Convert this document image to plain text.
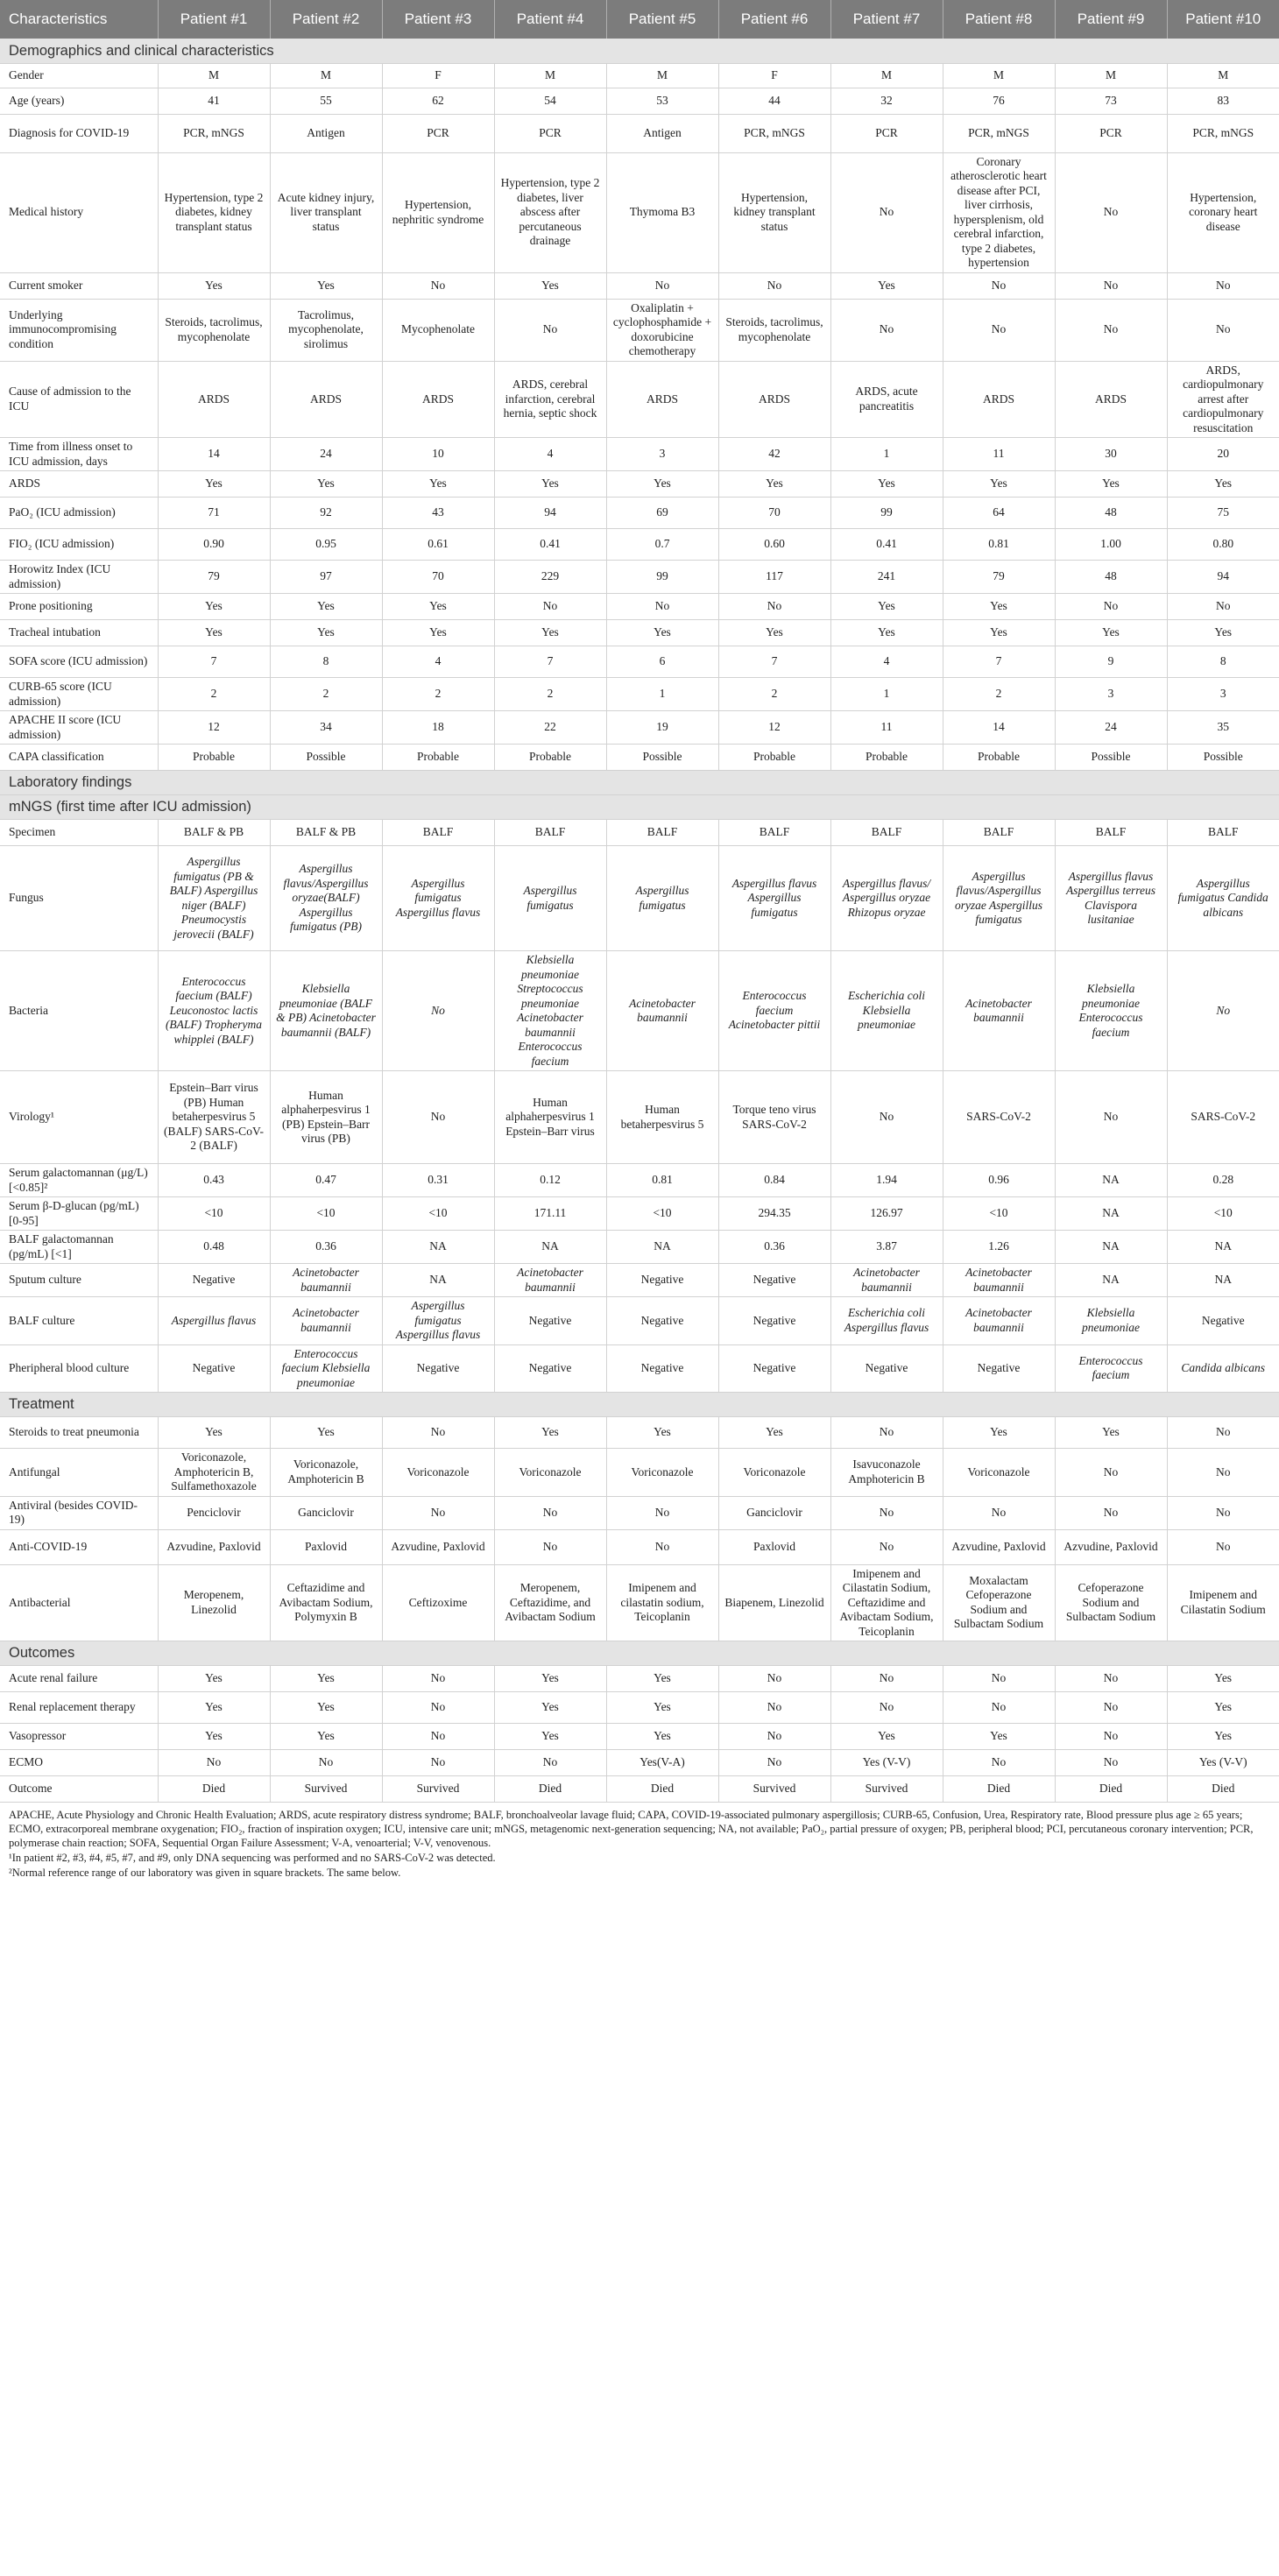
Characteristics	Patient #1	Patient #2	Patient #3	Patient #4	Patient #5	Patient #6	Patient #7	Patient #8	Patient #9	Patient #10
Demographics and clinical characteristics										
Gender	M	M	F	M	M	F	M	M	M	M
Age (years)	41	55	62	54	53	44	32	76	73	83
Diagnosis for COVID-19	PCR, mNGS	Antigen	PCR	PCR	Antigen	PCR, mNGS	PCR	PCR, mNGS	PCR	PCR, mNGS
Medical history	Hypertension, type 2 diabetes, kidney transplant status	Acute kidney injury, liver transplant status	Hypertension, nephritic syndrome	Hypertension, type 2 diabetes, liver abscess after percutaneous drainage	Thymoma B3	Hypertension, kidney transplant status	No	Coronary atherosclerotic heart disease after PCI, liver cirrhosis, hypersplenism, old cerebral infarction, type 2 diabetes, hypertension	No	Hypertension, coronary heart disease
Current smoker	Yes	Yes	No	Yes	No	No	Yes	No	No	No
Underlying immunocompromising condition	Steroids, tacrolimus, mycophenolate	Tacrolimus, mycophenolate, sirolimus	Mycophenolate	No	Oxaliplatin + cyclophosphamide + doxorubicine chemotherapy	Steroids, tacrolimus, mycophenolate	No	No	No	No
Cause of admission to the ICU	ARDS	ARDS	ARDS	ARDS, cerebral infarction, cerebral hernia, septic shock	ARDS	ARDS	ARDS, acute pancreatitis	ARDS	ARDS	ARDS, cardiopulmonary arrest after cardiopulmonary resuscitation
Time from illness onset to ICU admission, days	14	24	10	4	3	42	1	11	30	20
ARDS	Yes	Yes	Yes	Yes	Yes	Yes	Yes	Yes	Yes	Yes
PaO₂ (ICU admission)	71	92	43	94	69	70	99	64	48	75
FIO₂ (ICU admission)	0.90	0.95	0.61	0.41	0.7	0.60	0.41	0.81	1.00	0.80
Horowitz Index (ICU admission)	79	97	70	229	99	117	241	79	48	94
Prone positioning	Yes	Yes	Yes	No	No	No	Yes	Yes	No	No
Tracheal intubation	Yes	Yes	Yes	Yes	Yes	Yes	Yes	Yes	Yes	Yes
SOFA score (ICU admission)	7	8	4	7	6	7	4	7	9	8
CURB-65 score (ICU admission)	2	2	2	2	1	2	1	2	3	3
APACHE II score (ICU admission)	12	34	18	22	19	12	11	14	24	35
CAPA classification	Probable	Possible	Probable	Probable	Possible	Probable	Probable	Probable	Possible	Possible
Laboratory findings										
mNGS (first time after ICU admission)										
Specimen	BALF & PB	BALF & PB	BALF	BALF	BALF	BALF	BALF	BALF	BALF	BALF
Fungus	Aspergillus fumigatus (PB & BALF) Aspergillus niger (BALF) Pneumocystis jerovecii (BALF)	Aspergillus flavus/Aspergillus oryzae(BALF) Aspergillus fumigatus (PB)	Aspergillus fumigatus Aspergillus flavus	Aspergillus fumigatus	Aspergillus fumigatus	Aspergillus flavus Aspergillus fumigatus	Aspergillus flavus/ Aspergillus oryzae Rhizopus oryzae	Aspergillus flavus/Aspergillus oryzae Aspergillus fumigatus	Aspergillus flavus Aspergillus terreus Clavispora lusitaniae	Aspergillus fumigatus Candida albicans
Bacteria	Enterococcus faecium (BALF) Leuconostoc lactis (BALF) Tropheryma whipplei (BALF)	Klebsiella pneumoniae (BALF & PB) Acinetobacter baumannii (BALF)	No	Klebsiella pneumoniae Streptococcus pneumoniae Acinetobacter baumannii Enterococcus faecium	Acinetobacter baumannii	Enterococcus faecium Acinetobacter pittii	Escherichia coli Klebsiella pneumoniae	Acinetobacter baumannii	Klebsiella pneumoniae Enterococcus faecium	No
Virology¹	Epstein–Barr virus (PB) Human betaherpesvirus 5 (BALF) SARS-CoV-2 (BALF)	Human alphaherpesvirus 1 (PB) Epstein–Barr virus (PB)	No	Human alphaherpesvirus 1 Epstein–Barr virus	Human betaherpesvirus 5	Torque teno virus SARS-CoV-2	No	SARS-CoV-2	No	SARS-CoV-2
Serum galactomannan (μg/L) [<0.85]²	0.43	0.47	0.31	0.12	0.81	0.84	1.94	0.96	NA	0.28
Serum β-D-glucan (pg/mL) [0-95]	<10	<10	<10	171.11	<10	294.35	126.97	<10	NA	<10
BALF galactomannan (pg/mL) [<1]	0.48	0.36	NA	NA	NA	0.36	3.87	1.26	NA	NA
Sputum culture	Negative	Acinetobacter baumannii	NA	Acinetobacter baumannii	Negative	Negative	Acinetobacter baumannii	Acinetobacter baumannii	NA	NA
BALF culture	Aspergillus flavus	Acinetobacter baumannii	Aspergillus fumigatus Aspergillus flavus	Negative	Negative	Negative	Escherichia coli Aspergillus flavus	Acinetobacter baumannii	Klebsiella pneumoniae	Negative
Pheripheral blood culture	Negative	Enterococcus faecium Klebsiella pneumoniae	Negative	Negative	Negative	Negative	Negative	Negative	Enterococcus faecium	Candida albicans
Treatment										
Steroids to treat pneumonia	Yes	Yes	No	Yes	Yes	Yes	No	Yes	Yes	No
Antifungal	Voriconazole, Amphotericin B, Sulfamethoxazole	Voriconazole, Amphotericin B	Voriconazole	Voriconazole	Voriconazole	Voriconazole	Isavuconazole Amphotericin B	Voriconazole	No	No
Antiviral (besides COVID-19)	Penciclovir	Ganciclovir	No	No	No	Ganciclovir	No	No	No	No
Anti-COVID-19	Azvudine, Paxlovid	Paxlovid	Azvudine, Paxlovid	No	No	Paxlovid	No	Azvudine, Paxlovid	Azvudine, Paxlovid	No
Antibacterial	Meropenem, Linezolid	Ceftazidime and Avibactam Sodium, Polymyxin B	Ceftizoxime	Meropenem, Ceftazidime, and Avibactam Sodium	Imipenem and cilastatin sodium, Teicoplanin	Biapenem, Linezolid	Imipenem and Cilastatin Sodium, Ceftazidime and Avibactam Sodium, Teicoplanin	Moxalactam Cefoperazone Sodium and Sulbactam Sodium	Cefoperazone Sodium and Sulbactam Sodium	Imipenem and Cilastatin Sodium
Outcomes										
Acute renal failure	Yes	Yes	No	Yes	Yes	No	No	No	No	Yes
Renal replacement therapy	Yes	Yes	No	Yes	Yes	No	No	No	No	Yes
Vasopressor	Yes	Yes	No	Yes	Yes	No	Yes	Yes	No	Yes
ECMO	No	No	No	No	Yes(V-A)	No	Yes (V-V)	No	No	Yes (V-V)
Outcome	Died	Survived	Survived	Died	Died	Survived	Survived	Died	Died	Died

APACHE, Acute Physiology and Chronic Health Evaluation; ARDS, acute respiratory distress syndrome; BALF, bronchoalveolar lavage fluid; CAPA, COVID-19-associated pulmonary aspergillosis; CURB-65, Confusion, Urea, Respiratory rate, Blood pressure plus age ≥ 65 years; ECMO, extracorporeal membrane oxygenation; FIO₂, fraction of inspiration oxygen; ICU, intensive care unit; mNGS, metagenomic next-generation sequencing; NA, not available; PaO₂, partial pressure of oxygen; PB, peripheral blood; PCI, percutaneous coronary intervention; PCR, polymerase chain reaction; SOFA, Sequential Organ Failure Assessment; V-A, venoarterial; V-V, venovenous.

¹In patient #2, #3, #4, #5, #7, and #9, only DNA sequencing was performed and no SARS-CoV-2 was detected.

²Normal reference range of our laboratory was given in square brackets. The same below.
